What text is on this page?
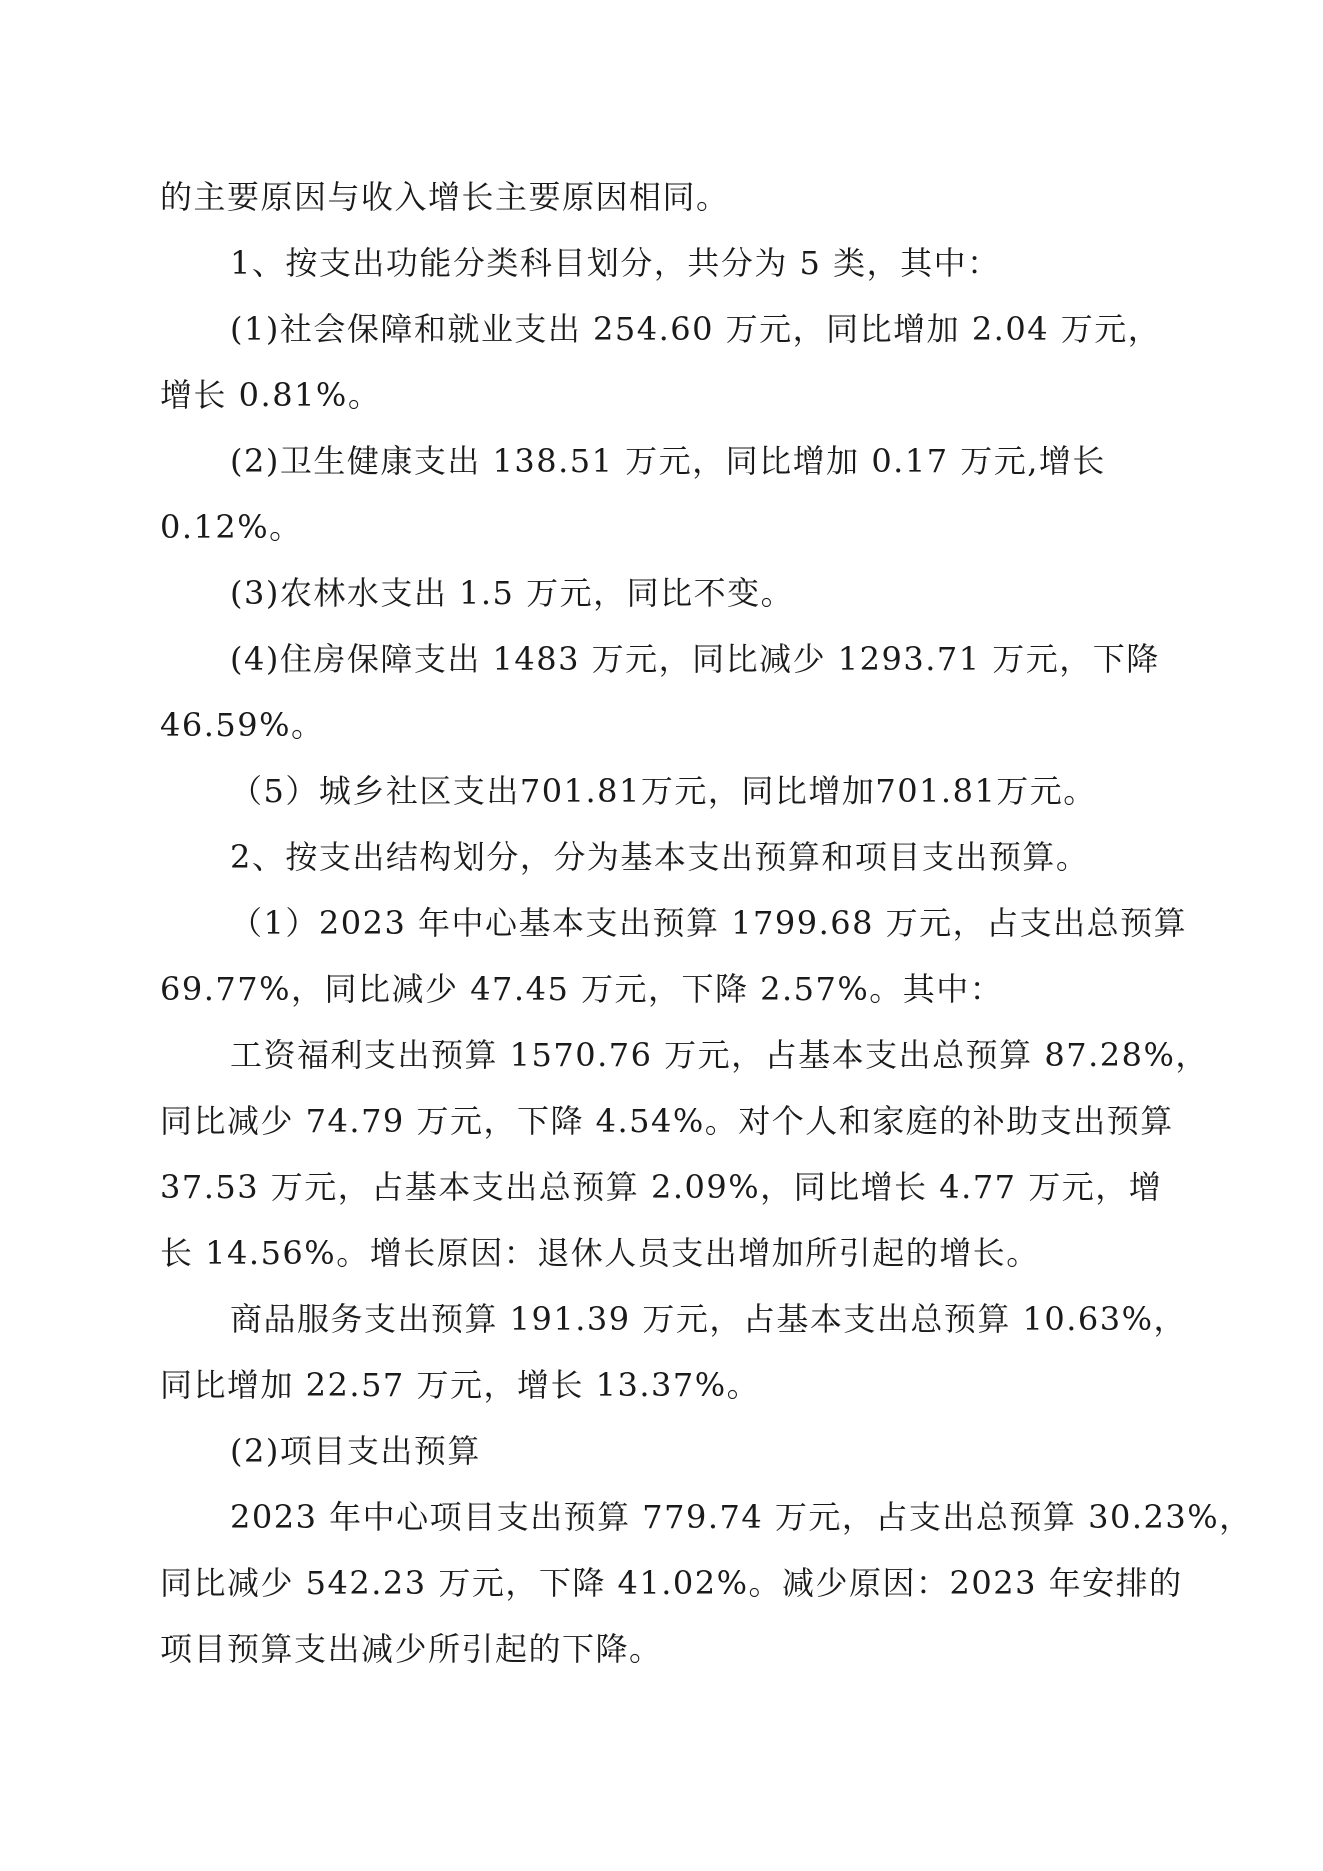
的主要原因与收入增长主要原因相同。
1、按支出功能分类科目划分，共分为 5 类，其中：
(1)社会保障和就业支出 254.60 万元，同比增加 2.04 万元，
增长 0.81%。
(2)卫生健康支出 138.51 万元，同比增加 0.17 万元,增长
0.12%。
(3)农林水支出 1.5 万元，同比不变。
(4)住房保障支出 1483 万元，同比减少 1293.71 万元，下降
46.59%。
（5）城乡社区支出701.81万元，同比增加701.81万元。
2、按支出结构划分，分为基本支出预算和项目支出预算。
（1）2023 年中心基本支出预算 1799.68 万元，占支出总预算
69.77%，同比减少 47.45 万元，下降 2.57%。其中：
工资福利支出预算 1570.76 万元，占基本支出总预算 87.28%，
同比减少 74.79 万元，下降 4.54%。对个人和家庭的补助支出预算
37.53 万元，占基本支出总预算 2.09%，同比增长 4.77 万元，增
长 14.56%。增长原因：退休人员支出增加所引起的增长。
商品服务支出预算 191.39 万元，占基本支出总预算 10.63%，
同比增加 22.57 万元，增长 13.37%。
(2)项目支出预算
2023 年中心项目支出预算 779.74 万元，占支出总预算 30.23%，
同比减少 542.23 万元，下降 41.02%。减少原因：2023 年安排的
项目预算支出减少所引起的下降。
